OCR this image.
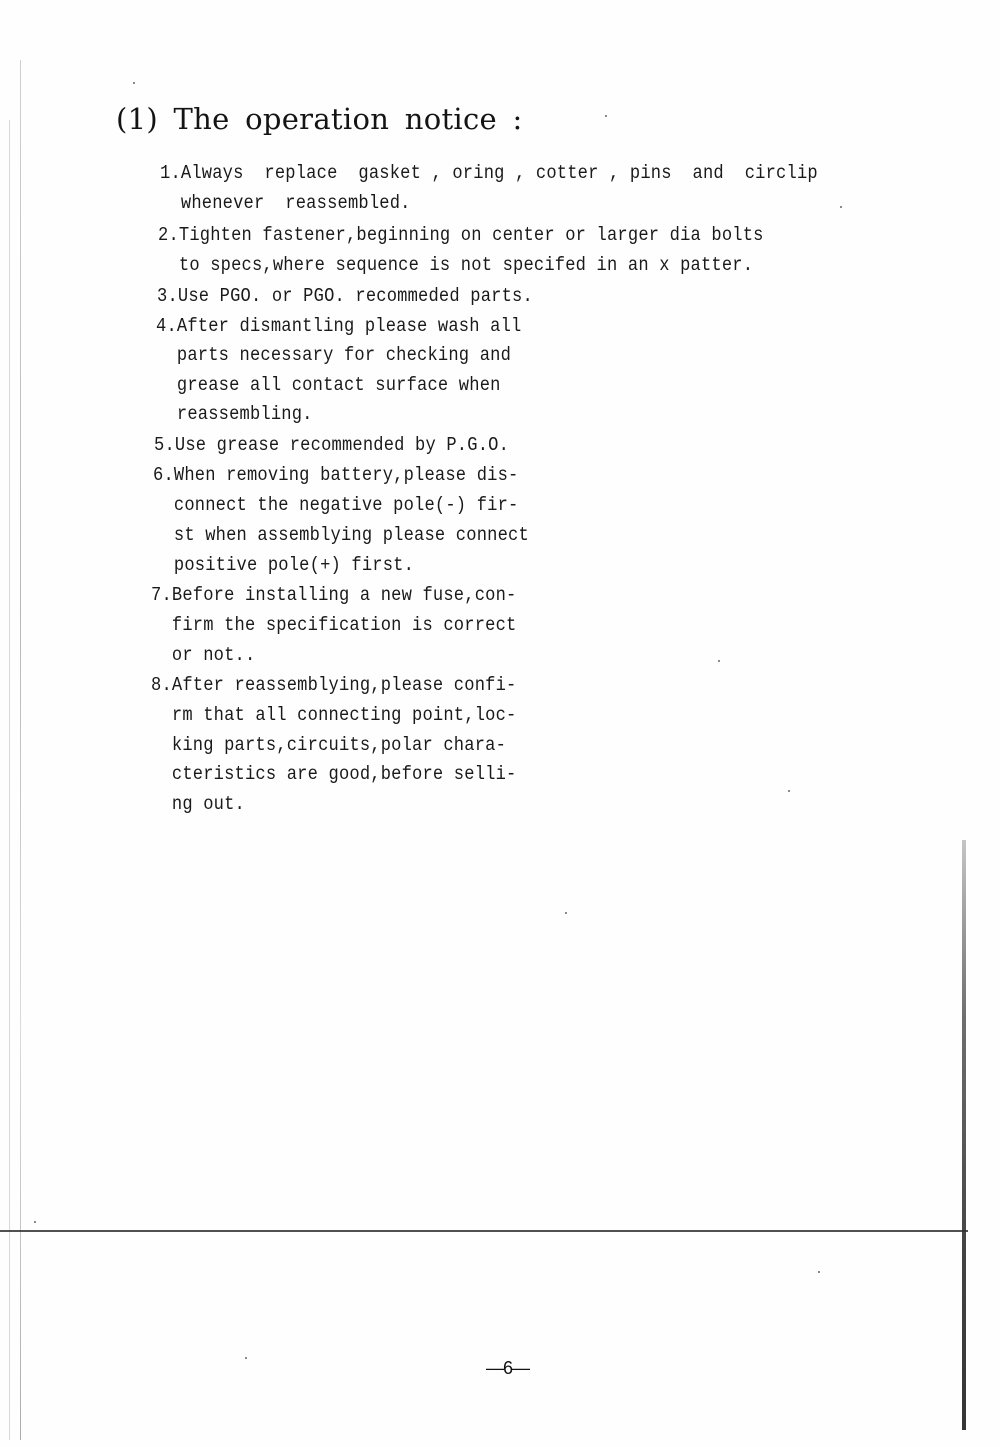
(1) The operation notice :
1.Always  replace  gasket , oring , cotter , pins  and  circlip
whenever  reassembled.
2.Tighten fastener,beginning on center or larger dia bolts
to specs,where sequence is not specifed in an x patter.
3.Use PGO. or PGO. recommeded parts.
4.After dismantling please wash all
parts necessary for checking and
grease all contact surface when
reassembling.
5.Use grease recommended by P.G.O.
6.When removing battery,please dis-
connect the negative pole(-) fir-
st when assemblying please connect
positive pole(+) first.
7.Before installing a new fuse,con-
firm the specification is correct
or not..
8.After reassemblying,please confi-
rm that all connecting point,loc-
king parts,circuits,polar chara-
cteristics are good,before selli-
ng out.
—6—
